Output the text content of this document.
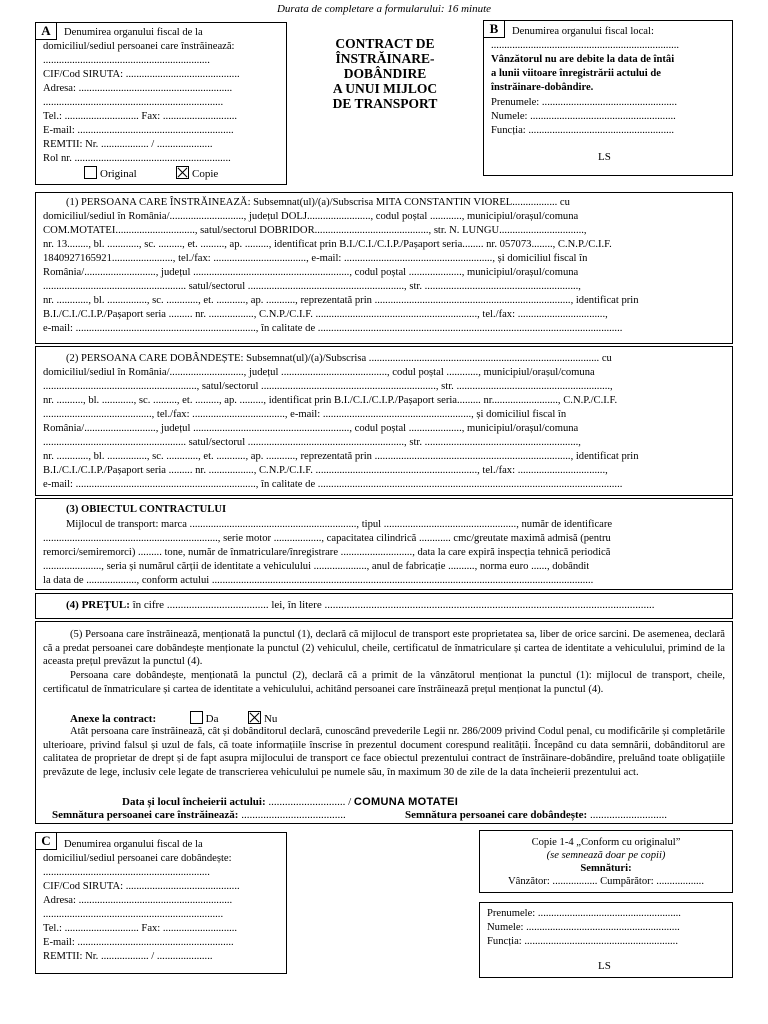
Durata de completare a formularului: 16 minute
A	Denumirea organului fiscal de la
domiciliul/sediul persoanei care înstrăinează:
...............................................................
CIF/Cod SIRUTA: ...........................................
Adresa: ..........................................................
....................................................................
Tel.: ............................ Fax: ............................
E-mail: ...........................................................
REMTII: Nr. .................. / .....................
Rol nr. ...........................................................
Original	Copie
CONTRACT DE
ÎNSTRĂINARE-
DOBÂNDIRE
A UNUI MIJLOC
DE TRANSPORT
B	Denumirea organului fiscal local:
.......................................................................
Vânzătorul nu are debite la data de întâi
a lunii viitoare înregistrării actului de
înstrăinare-dobândire.
Prenumele: ...................................................
Numele: .......................................................
Funcția: .......................................................
LS
(1) PERSOANA CARE ÎNSTRĂINEAZĂ: Subsemnat(ul)/(a)/Subscrisa MITA CONSTANTIN VIOREL................. cu
domiciliul/sediul în România/............................, județul DOLJ........................, codul poștal ............, municipiul/orașul/comuna
COM.MOTATEI.............................., satul/sectorul DOBRIDOR..........................................., str. N. LUNGU................................,
nr. 13........, bl. ............, sc. ........., et. ........., ap. ........., identificat prin B.I./C.I./C.I.P./Pașaport seria........ nr. 057073........, C.N.P./C.I.F.
1840927165921......................., tel./fax: ..................................., e-mail: ........................................................, și domiciliul fiscal în
România/..........................., județul ..........................................................., codul poștal ...................., municipiul/orașul/comuna
...................................................... satul/sectorul ..........................................................., str. ..........................................................,
nr. ............, bl. ..............., sc. ............, et. ..........., ap. ..........., reprezentată prin .........................................................................., identificat prin
B.I./C.I./C.I.P./Pașaport seria ......... nr. ................., C.N.P./C.I.F. ............................................................., tel./fax: .................................,
e-mail: ...................................................................., în calitate de ...................................................................................................................
(2) PERSOANA CARE DOBÂNDEȘTE: Subsemnat(ul)/(a)/Subscrisa ....................................................................................... cu
domiciliul/sediul în România/............................, județul ........................................, codul poștal ............, municipiul/orașul/comuna
.........................................................., satul/sectorul .................................................................., str. ..........................................................,
nr. .........., bl. ............, sc. ........., et. ........., ap. ........., identificat prin B.I./C.I./C.I.P./Pașaport seria......... nr........................., C.N.P./C.I.F.
........................................., tel./fax: ..................................., e-mail: ........................................................, și domiciliul fiscal în
România/..........................., județul ..........................................................., codul poștal ...................., municipiul/orașul/comuna
...................................................... satul/sectorul ..........................................................., str. ..........................................................,
nr. ............, bl. ..............., sc. ............, et. ..........., ap. ..........., reprezentată prin .........................................................................., identificat prin
B.I./C.I./C.I.P./Pașaport seria ......... nr. ................., C.N.P./C.I.F. ............................................................., tel./fax: .................................,
e-mail: ...................................................................., în calitate de ...................................................................................................................
(3) OBIECTUL CONTRACTULUI
Mijlocul de transport: marca ..............................................................., tipul .................................................., număr de identificare
.................................................................., serie motor .................., capacitatea cilindrică ............ cmc/greutate maximă admisă (pentru
remorci/semiremorci) ......... tone, număr de înmatriculare/înregistrare ..........................., data la care expiră inspecția tehnică periodică
......................, seria și numărul cărții de identitate a vehiculului ...................., anul de fabricație .........., norma euro ......, dobândit
la data de ..................., conform actului ................................................................................................................................................
(4) PREȚUL: în cifre ..................................... lei, în litere ........................................................................................................................
(5) Persoana care înstrăinează, menționată la punctul (1), declară că mijlocul de transport este proprietatea sa, liber de orice sarcini. De asemenea, declară că a predat persoanei care dobândește menționate la punctul (2) vehiculul, cheile, certificatul de înmatriculare și cartea de identitate a vehiculului, primind de la aceasta prețul prevăzut la punctul (4).
Persoana care dobândește, menționată la punctul (2), declară că a primit de la vânzătorul menționat la punctul (1): mijlocul de transport, cheile, certificatul de înmatriculare și cartea de identitate a vehiculului, achitând persoanei care înstrăinează prețul menționat la punctul (4).
Anexe la contract:	Da	Nu
Atât persoana care înstrăinează, cât și dobânditorul declară, cunoscând prevederile Legii nr. 286/2009 privind Codul penal, cu modificările și completările ulterioare, privind falsul și uzul de fals, că toate informațiile înscrise în prezentul document corespund realității. Începând cu data semnării, dobânditorul are calitatea de proprietar de drept și de fapt asupra mijlocului de transport ce face obiectul prezentului contract de înstrăinare-dobândire, preluând toate obligațiile prevăzute de lege, inclusiv cele legate de transcrierea vehiculului pe numele său, în maximum 30 de zile de la data încheierii prezentului act.
Data și locul încheierii actului: ............................ / COMUNA MOTATEI
Semnătura persoanei care înstrăinează: ......................................	Semnătura persoanei care dobândește: ............................
C	Denumirea organului fiscal de la
domiciliul/sediul persoanei care dobândește:
...............................................................
CIF/Cod SIRUTA: ...........................................
Adresa: ..........................................................
....................................................................
Tel.: ............................ Fax: ............................
E-mail: ...........................................................
REMTII: Nr. .................. / .....................
Copie 1-4 „Conform cu originalul”
(se semnează doar pe copii)
Semnături:
Vânzător: ................. Cumpărător: ..................
Prenumele: ......................................................
Numele: ..........................................................
Funcția: ..........................................................
LS
